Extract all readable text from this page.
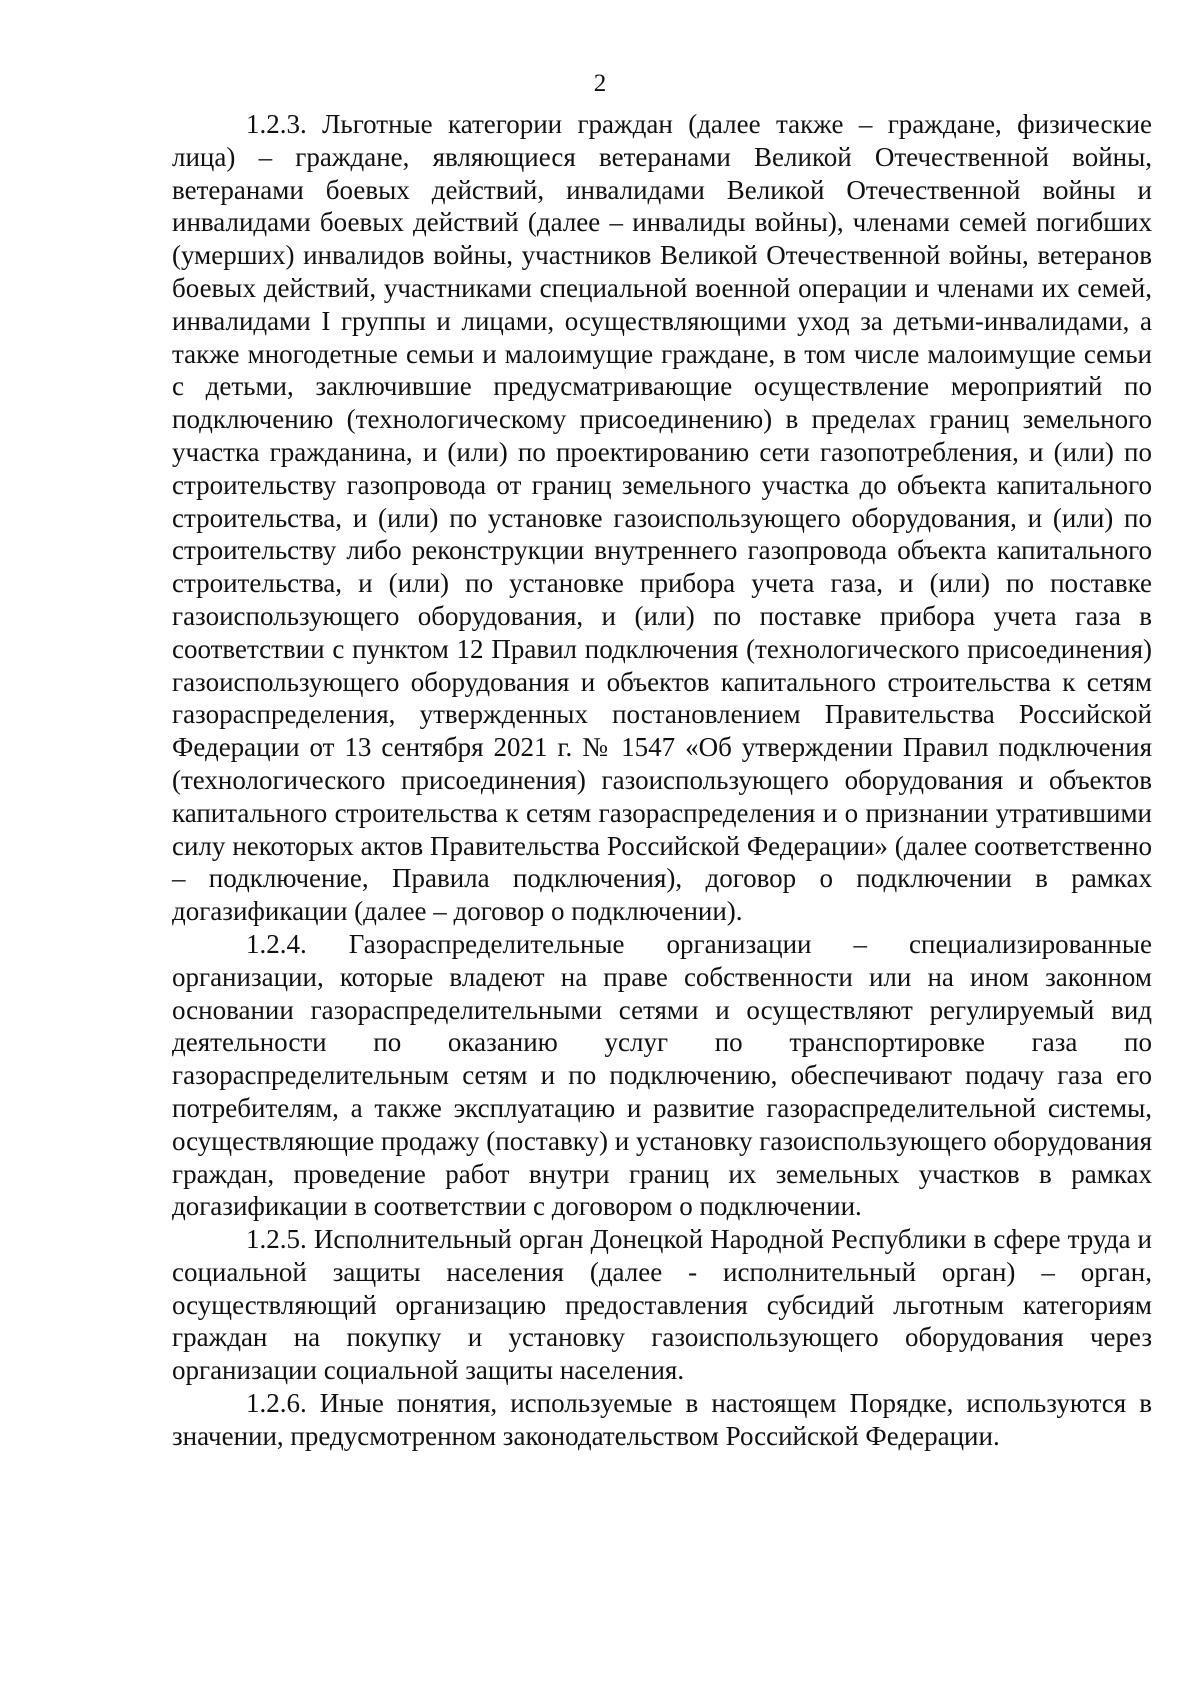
2

1.2.3. Льготные категории граждан (далее также – граждане, физические лица) – граждане, являющиеся ветеранами Великой Отечественной войны, ветеранами боевых действий, инвалидами Великой Отечественной войны и инвалидами боевых действий (далее – инвалиды войны), членами семей погибших (умерших) инвалидов войны, участников Великой Отечественной войны, ветеранов боевых действий, участниками специальной военной операции и членами их семей, инвалидами I группы и лицами, осуществляющими уход за детьми-инвалидами, а также многодетные семьи и малоимущие граждане, в том числе малоимущие семьи с детьми, заключившие предусматривающие осуществление мероприятий по подключению (технологическому присоединению) в пределах границ земельного участка гражданина, и (или) по проектированию сети газопотребления, и (или) по строительству газопровода от границ земельного участка до объекта капитального строительства, и (или) по установке газоиспользующего оборудования, и (или) по строительству либо реконструкции внутреннего газопровода объекта капитального строительства, и (или) по установке прибора учета газа, и (или) по поставке газоиспользующего оборудования, и (или) по поставке прибора учета газа в соответствии с пунктом 12 Правил подключения (технологического присоединения) газоиспользующего оборудования и объектов капитального строительства к сетям газораспределения, утвержденных постановлением Правительства Российской Федерации от 13 сентября 2021 г. № 1547 «Об утверждении Правил подключения (технологического присоединения) газоиспользующего оборудования и объектов капитального строительства к сетям газораспределения и о признании утратившими силу некоторых актов Правительства Российской Федерации» (далее соответственно – подключение, Правила подключения), договор о подключении в рамках догазификации (далее – договор о подключении).

1.2.4. Газораспределительные организации – специализированные организации, которые владеют на праве собственности или на ином законном основании газораспределительными сетями и осуществляют регулируемый вид деятельности по оказанию услуг по транспортировке газа по газораспределительным сетям и по подключению, обеспечивают подачу газа его потребителям, а также эксплуатацию и развитие газораспределительной системы, осуществляющие продажу (поставку) и установку газоиспользующего оборудования граждан, проведение работ внутри границ их земельных участков в рамках догазификации в соответствии с договором о подключении.

1.2.5. Исполнительный орган Донецкой Народной Республики в сфере труда и социальной защиты населения (далее - исполнительный орган) – орган, осуществляющий организацию предоставления субсидий льготным категориям граждан на покупку и установку газоиспользующего оборудования через организации социальной защиты населения.

1.2.6. Иные понятия, используемые в настоящем Порядке, используются в значении, предусмотренном законодательством Российской Федерации.
